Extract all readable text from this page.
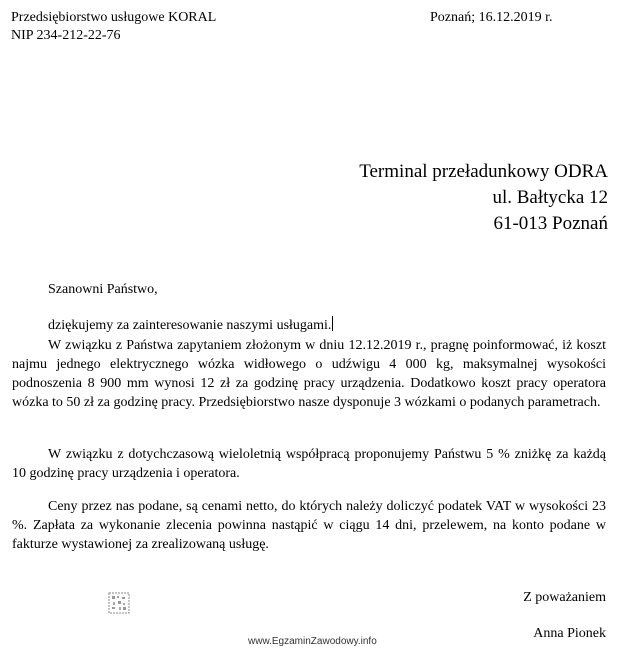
Przedsiębiorstwo usługowe KORAL
NIP 234-212-22-76
Poznań; 16.12.2019 r.
Terminal przeładunkowy ODRA
ul. Bałtycka 12
61-013 Poznań
Szanowni Państwo,
dziękujemy za zainteresowanie naszymi usługami.
W związku z Państwa zapytaniem złożonym w dniu 12.12.2019 r., pragnę poinformować, iż koszt najmu jednego elektrycznego wózka widłowego o udźwigu 4 000 kg, maksymalnej wysokości podnoszenia 8 900 mm wynosi 12 zł za godzinę pracy urządzenia. Dodatkowo koszt pracy operatora wózka to 50 zł za godzinę pracy. Przedsiębiorstwo nasze dysponuje 3 wózkami o podanych parametrach.
W związku z dotychczasową wieloletnią współpracą proponujemy Państwu 5 % zniżkę za każdą 10 godzinę pracy urządzenia i operatora.
Ceny przez nas podane, są cenami netto, do których należy doliczyć podatek VAT w wysokości 23 %. Zapłata za wykonanie zlecenia powinna nastąpić w ciągu 14 dni, przelewem, na konto podane w fakturze wystawionej za zrealizowaną usługę.
Z poważaniem
Anna Pionek
www.EgzaminZawodowy.info
